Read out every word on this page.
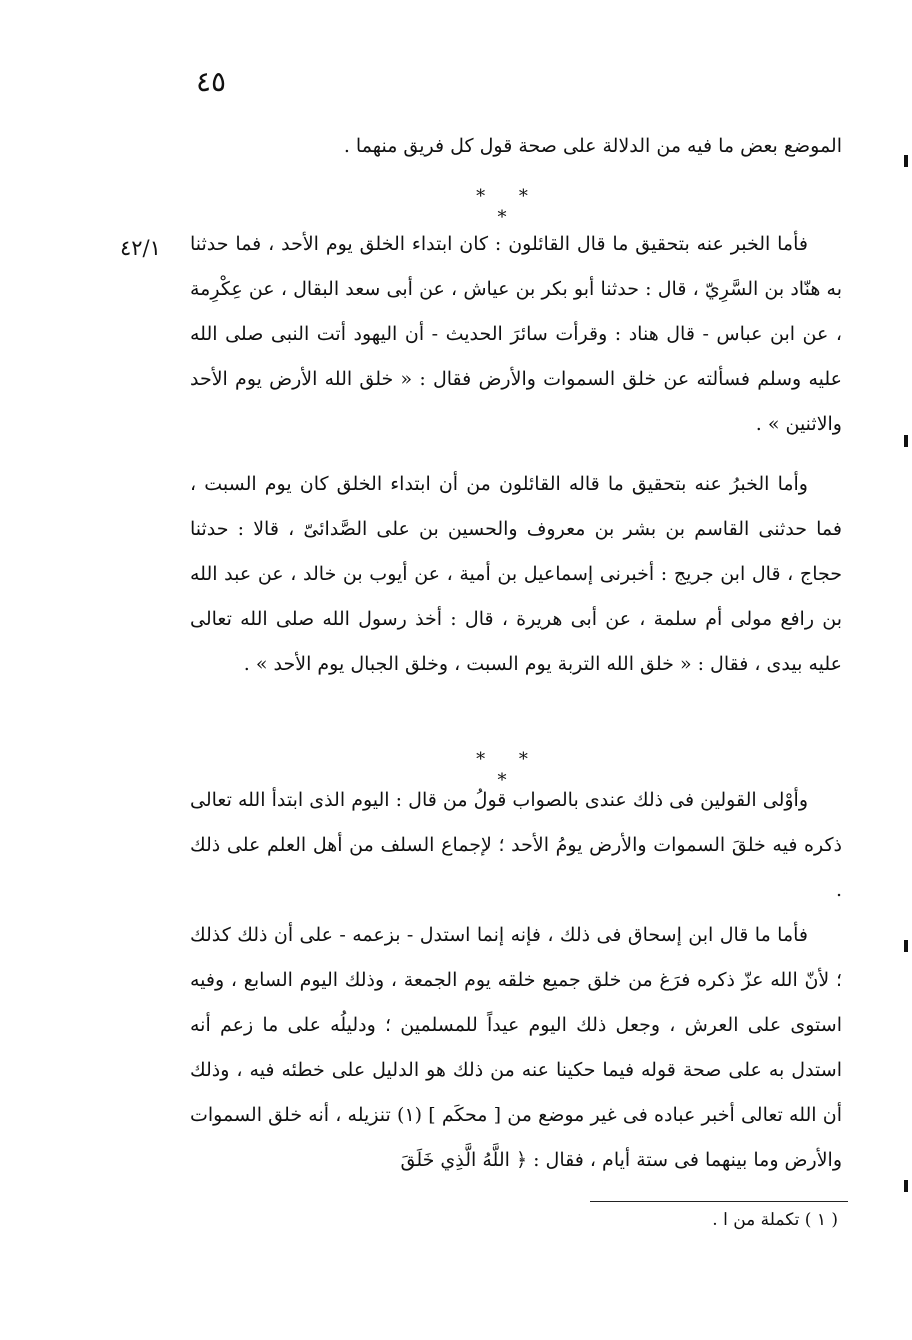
٤٥
٤٢/١

الموضع بعض ما فيه من الدلالة على صحة قول كل فريق منهما .

* * *

فأما الخبر عنه بتحقيق ما قال القائلون : كان ابتداء الخلق يوم الأحد ، فما حدثنا به هنّاد بن السَّرِيّ ، قال : حدثنا أبو بكر بن عياش ، عن أبى سعد البقال ، عن عِكْرِمة ، عن ابن عباس - قال هناد : وقرأت سائرَ الحديث - أن اليهود أتت النبى صلى الله عليه وسلم فسألته عن خلق السموات والأرض فقال : « خلق الله الأرض يوم الأحد والاثنين » .

وأما الخبرُ عنه بتحقيق ما قاله القائلون من أن ابتداء الخلق كان يوم السبت ، فما حدثنى القاسم بن بشر بن معروف والحسين بن على الصَّدائىّ ، قالا : حدثنا حجاج ، قال ابن جريج : أخبرنى إسماعيل بن أمية ، عن أيوب بن خالد ، عن عبد الله بن رافع مولى أم سلمة ، عن أبى هريرة ، قال : أخذ رسول الله صلى الله تعالى عليه بيدى ، فقال : « خلق الله التربة يوم السبت ، وخلق الجبال يوم الأحد » .

* * *

وأوْلى القولين فى ذلك عندى بالصواب قولُ من قال : اليوم الذى ابتدأ الله تعالى ذكره فيه خلقَ السموات والأرض يومُ الأحد ؛ لإجماع السلف من أهل العلم على ذلك .

فأما ما قال ابن إسحاق فى ذلك ، فإنه إنما استدل - بزعمه - على أن ذلك كذلك ؛ لأنّ الله عزّ ذكره فرَغ من خلق جميع خلقه يوم الجمعة ، وذلك اليوم السابع ، وفيه استوى على العرش ، وجعل ذلك اليوم عيداً للمسلمين ؛ ودليلُه على ما زعم أنه استدل به على صحة قوله فيما حكينا عنه من ذلك هو الدليل على خطئه فيه ، وذلك أن الله تعالى أخبر عباده فى غير موضع من [ محكَم ] (١) تنزيله ، أنه خلق السموات والأرض وما بينهما فى ستة أيام ، فقال : ﴿ اللَّهُ الَّذِي خَلَقَ

( ١ ) تكملة من ا .
